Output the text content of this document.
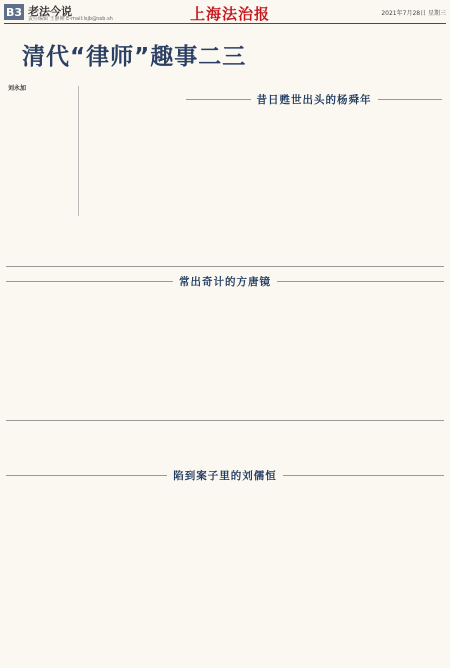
B3 老法今说
责任编辑 王静婵 E-mail:lsjb@ssb.sh	上海法治报	2021年7月28日 星期三
清代“律师”趣事二三
刘永加
昔日甦世出头的杨舜年
常出奇计的方唐镜
陷到案子里的刘儒恒
